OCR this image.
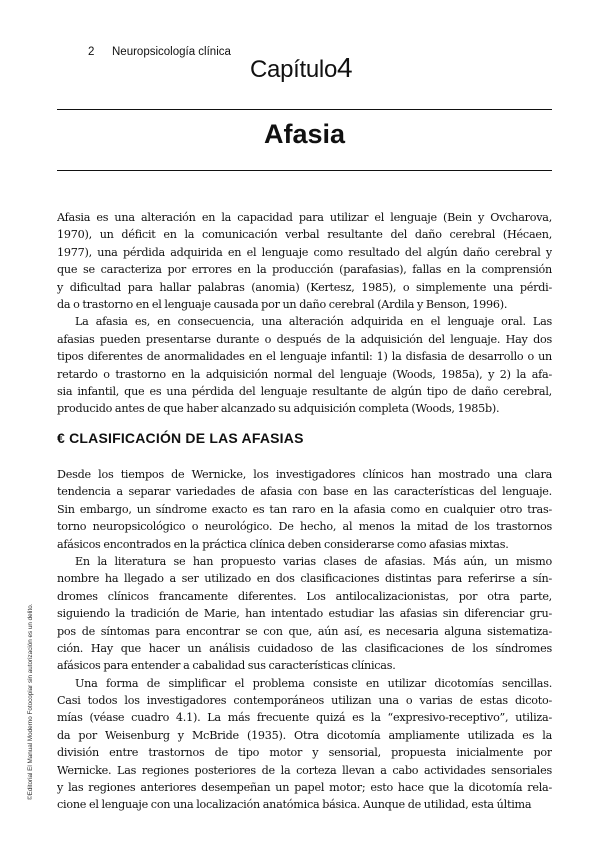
2 Neuropsicología clínica
Capítulo4
Afasia
Afasia es una alteración en la capacidad para utilizar el lenguaje (Bein y Ovcharova,
1970), un déficit en la comunicación verbal resultante del daño cerebral (Hécaen,
1977), una pérdida adquirida en el lenguaje como resultado del algún daño cerebral y
que se caracteriza por errores en la producción (parafasias), fallas en la comprensión
y dificultad para hallar palabras (anomia) (Kertesz, 1985), o simplemente una pérdi-
da o trastorno en el lenguaje causada por un daño cerebral (Ardila y Benson, 1996).
La afasia es, en consecuencia, una alteración adquirida en el lenguaje oral. Las
afasias pueden presentarse durante o después de la adquisición del lenguaje. Hay dos
tipos diferentes de anormalidades en el lenguaje infantil: 1) la disfasia de desarrollo o un
retardo o trastorno en la adquisición normal del lenguaje (Woods, 1985a), y 2) la afa-
sia infantil, que es una pérdida del lenguaje resultante de algún tipo de daño cerebral,
producido antes de que haber alcanzado su adquisición completa (Woods, 1985b).
€ CLASIFICACIÓN DE LAS AFASIAS
Desde los tiempos de Wernicke, los investigadores clínicos han mostrado una clara
tendencia a separar variedades de afasia con base en las características del lenguaje.
Sin embargo, un síndrome exacto es tan raro en la afasia como en cualquier otro tras-
torno neuropsicológico o neurológico. De hecho, al menos la mitad de los trastornos
afásicos encontrados en la práctica clínica deben considerarse como afasias mixtas.
En la literatura se han propuesto varias clases de afasias. Más aún, un mismo
nombre ha llegado a ser utilizado en dos clasificaciones distintas para referirse a sín-
dromes clínicos francamente diferentes. Los antilocalizacionistas, por otra parte,
siguiendo la tradición de Marie, han intentado estudiar las afasias sin diferenciar gru-
pos de síntomas para encontrar se con que, aún así, es necesaria alguna sistematiza-
ción. Hay que hacer un análisis cuidadoso de las clasificaciones de los síndromes
afásicos para entender a cabalidad sus características clínicas.
Una forma de simplificar el problema consiste en utilizar dicotomías sencillas.
Casi todos los investigadores contemporáneos utilizan una o varias de estas dicoto-
mías (véase cuadro 4.1). La más frecuente quizá es la “expresivo-receptivo”, utiliza-
da por Weisenburg y McBride (1935). Otra dicotomía ampliamente utilizada es la
división entre trastornos de tipo motor y sensorial, propuesta inicialmente por
Wernicke. Las regiones posteriores de la corteza llevan a cabo actividades sensoriales
y las regiones anteriores desempeñan un papel motor; esto hace que la dicotomía rela-
cione el lenguaje con una localización anatómica básica. Aunque de utilidad, esta última
©Editorial El Manual Moderno Fotocopiar sin autorización es un delito.
